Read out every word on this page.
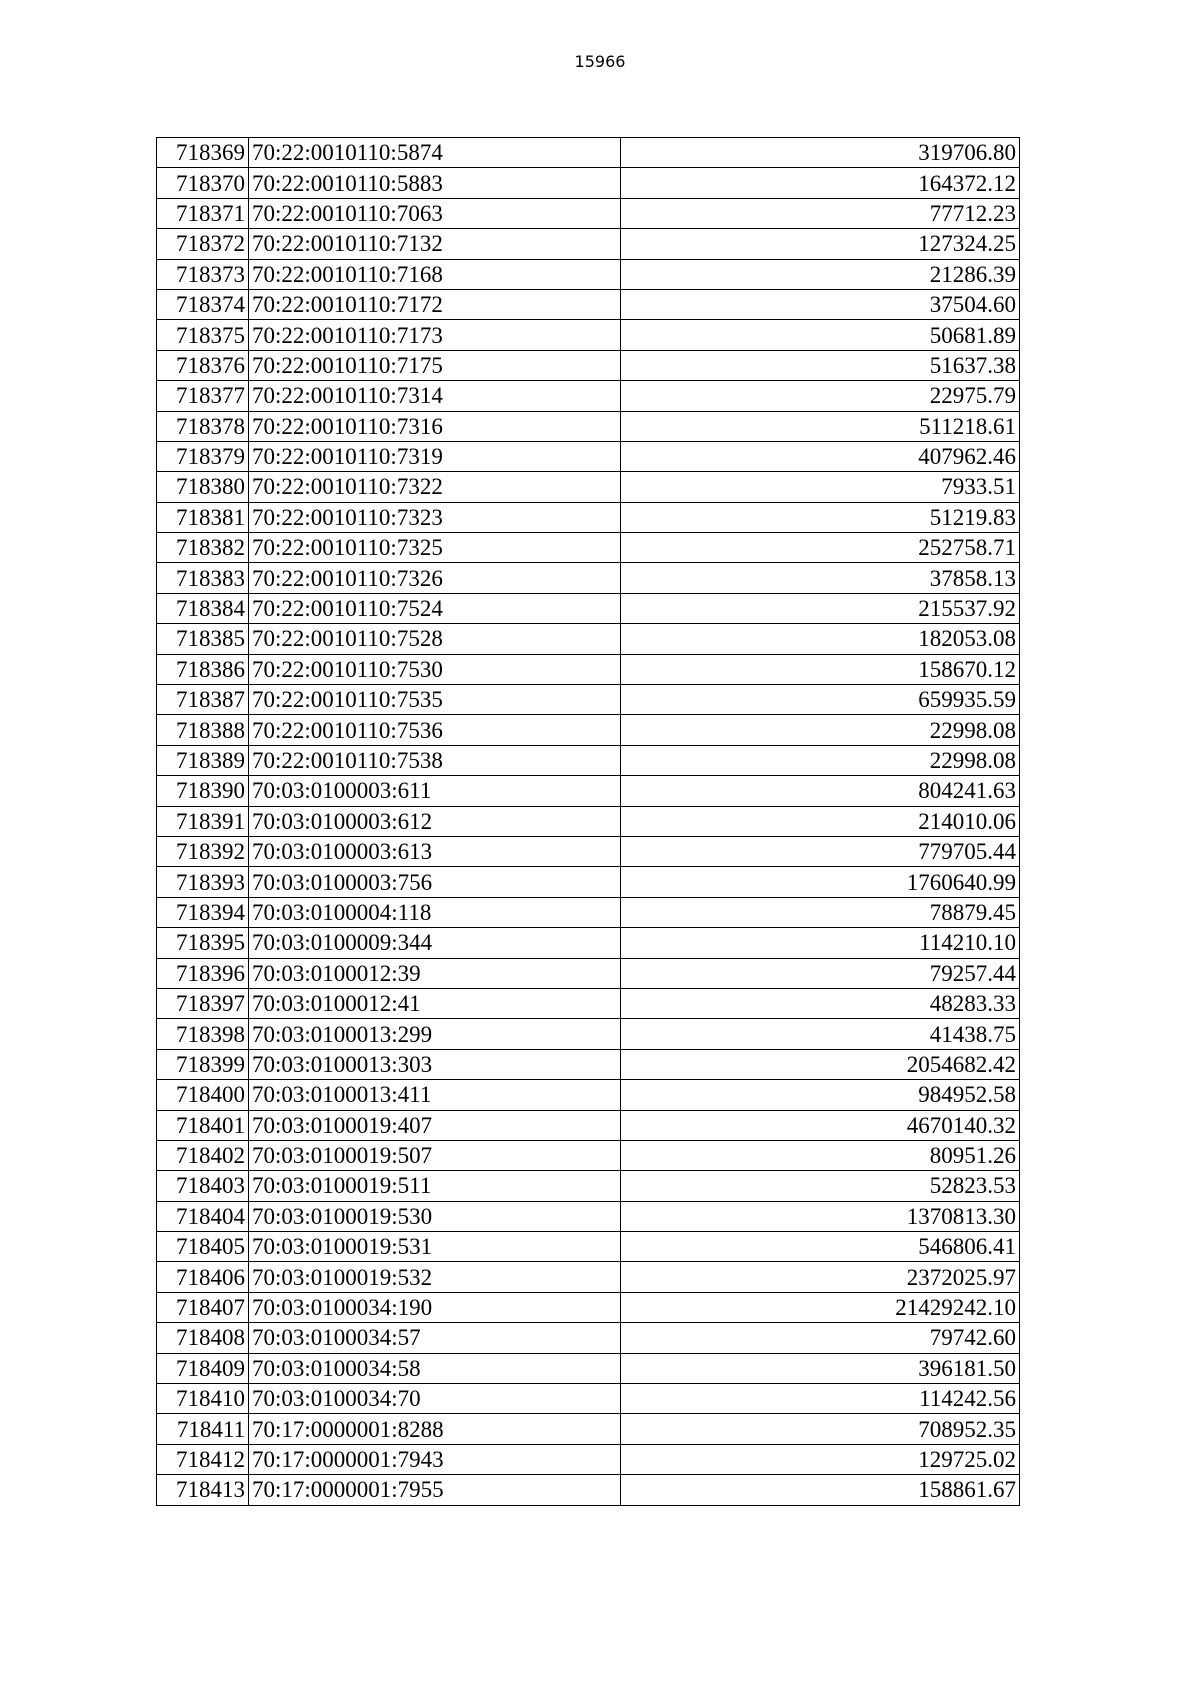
15966
718369	70:22:0010110:5874	319706.80
718370	70:22:0010110:5883	164372.12
718371	70:22:0010110:7063	77712.23
718372	70:22:0010110:7132	127324.25
718373	70:22:0010110:7168	21286.39
718374	70:22:0010110:7172	37504.60
718375	70:22:0010110:7173	50681.89
718376	70:22:0010110:7175	51637.38
718377	70:22:0010110:7314	22975.79
718378	70:22:0010110:7316	511218.61
718379	70:22:0010110:7319	407962.46
718380	70:22:0010110:7322	7933.51
718381	70:22:0010110:7323	51219.83
718382	70:22:0010110:7325	252758.71
718383	70:22:0010110:7326	37858.13
718384	70:22:0010110:7524	215537.92
718385	70:22:0010110:7528	182053.08
718386	70:22:0010110:7530	158670.12
718387	70:22:0010110:7535	659935.59
718388	70:22:0010110:7536	22998.08
718389	70:22:0010110:7538	22998.08
718390	70:03:0100003:611	804241.63
718391	70:03:0100003:612	214010.06
718392	70:03:0100003:613	779705.44
718393	70:03:0100003:756	1760640.99
718394	70:03:0100004:118	78879.45
718395	70:03:0100009:344	114210.10
718396	70:03:0100012:39	79257.44
718397	70:03:0100012:41	48283.33
718398	70:03:0100013:299	41438.75
718399	70:03:0100013:303	2054682.42
718400	70:03:0100013:411	984952.58
718401	70:03:0100019:407	4670140.32
718402	70:03:0100019:507	80951.26
718403	70:03:0100019:511	52823.53
718404	70:03:0100019:530	1370813.30
718405	70:03:0100019:531	546806.41
718406	70:03:0100019:532	2372025.97
718407	70:03:0100034:190	21429242.10
718408	70:03:0100034:57	79742.60
718409	70:03:0100034:58	396181.50
718410	70:03:0100034:70	114242.56
718411	70:17:0000001:8288	708952.35
718412	70:17:0000001:7943	129725.02
718413	70:17:0000001:7955	158861.67
